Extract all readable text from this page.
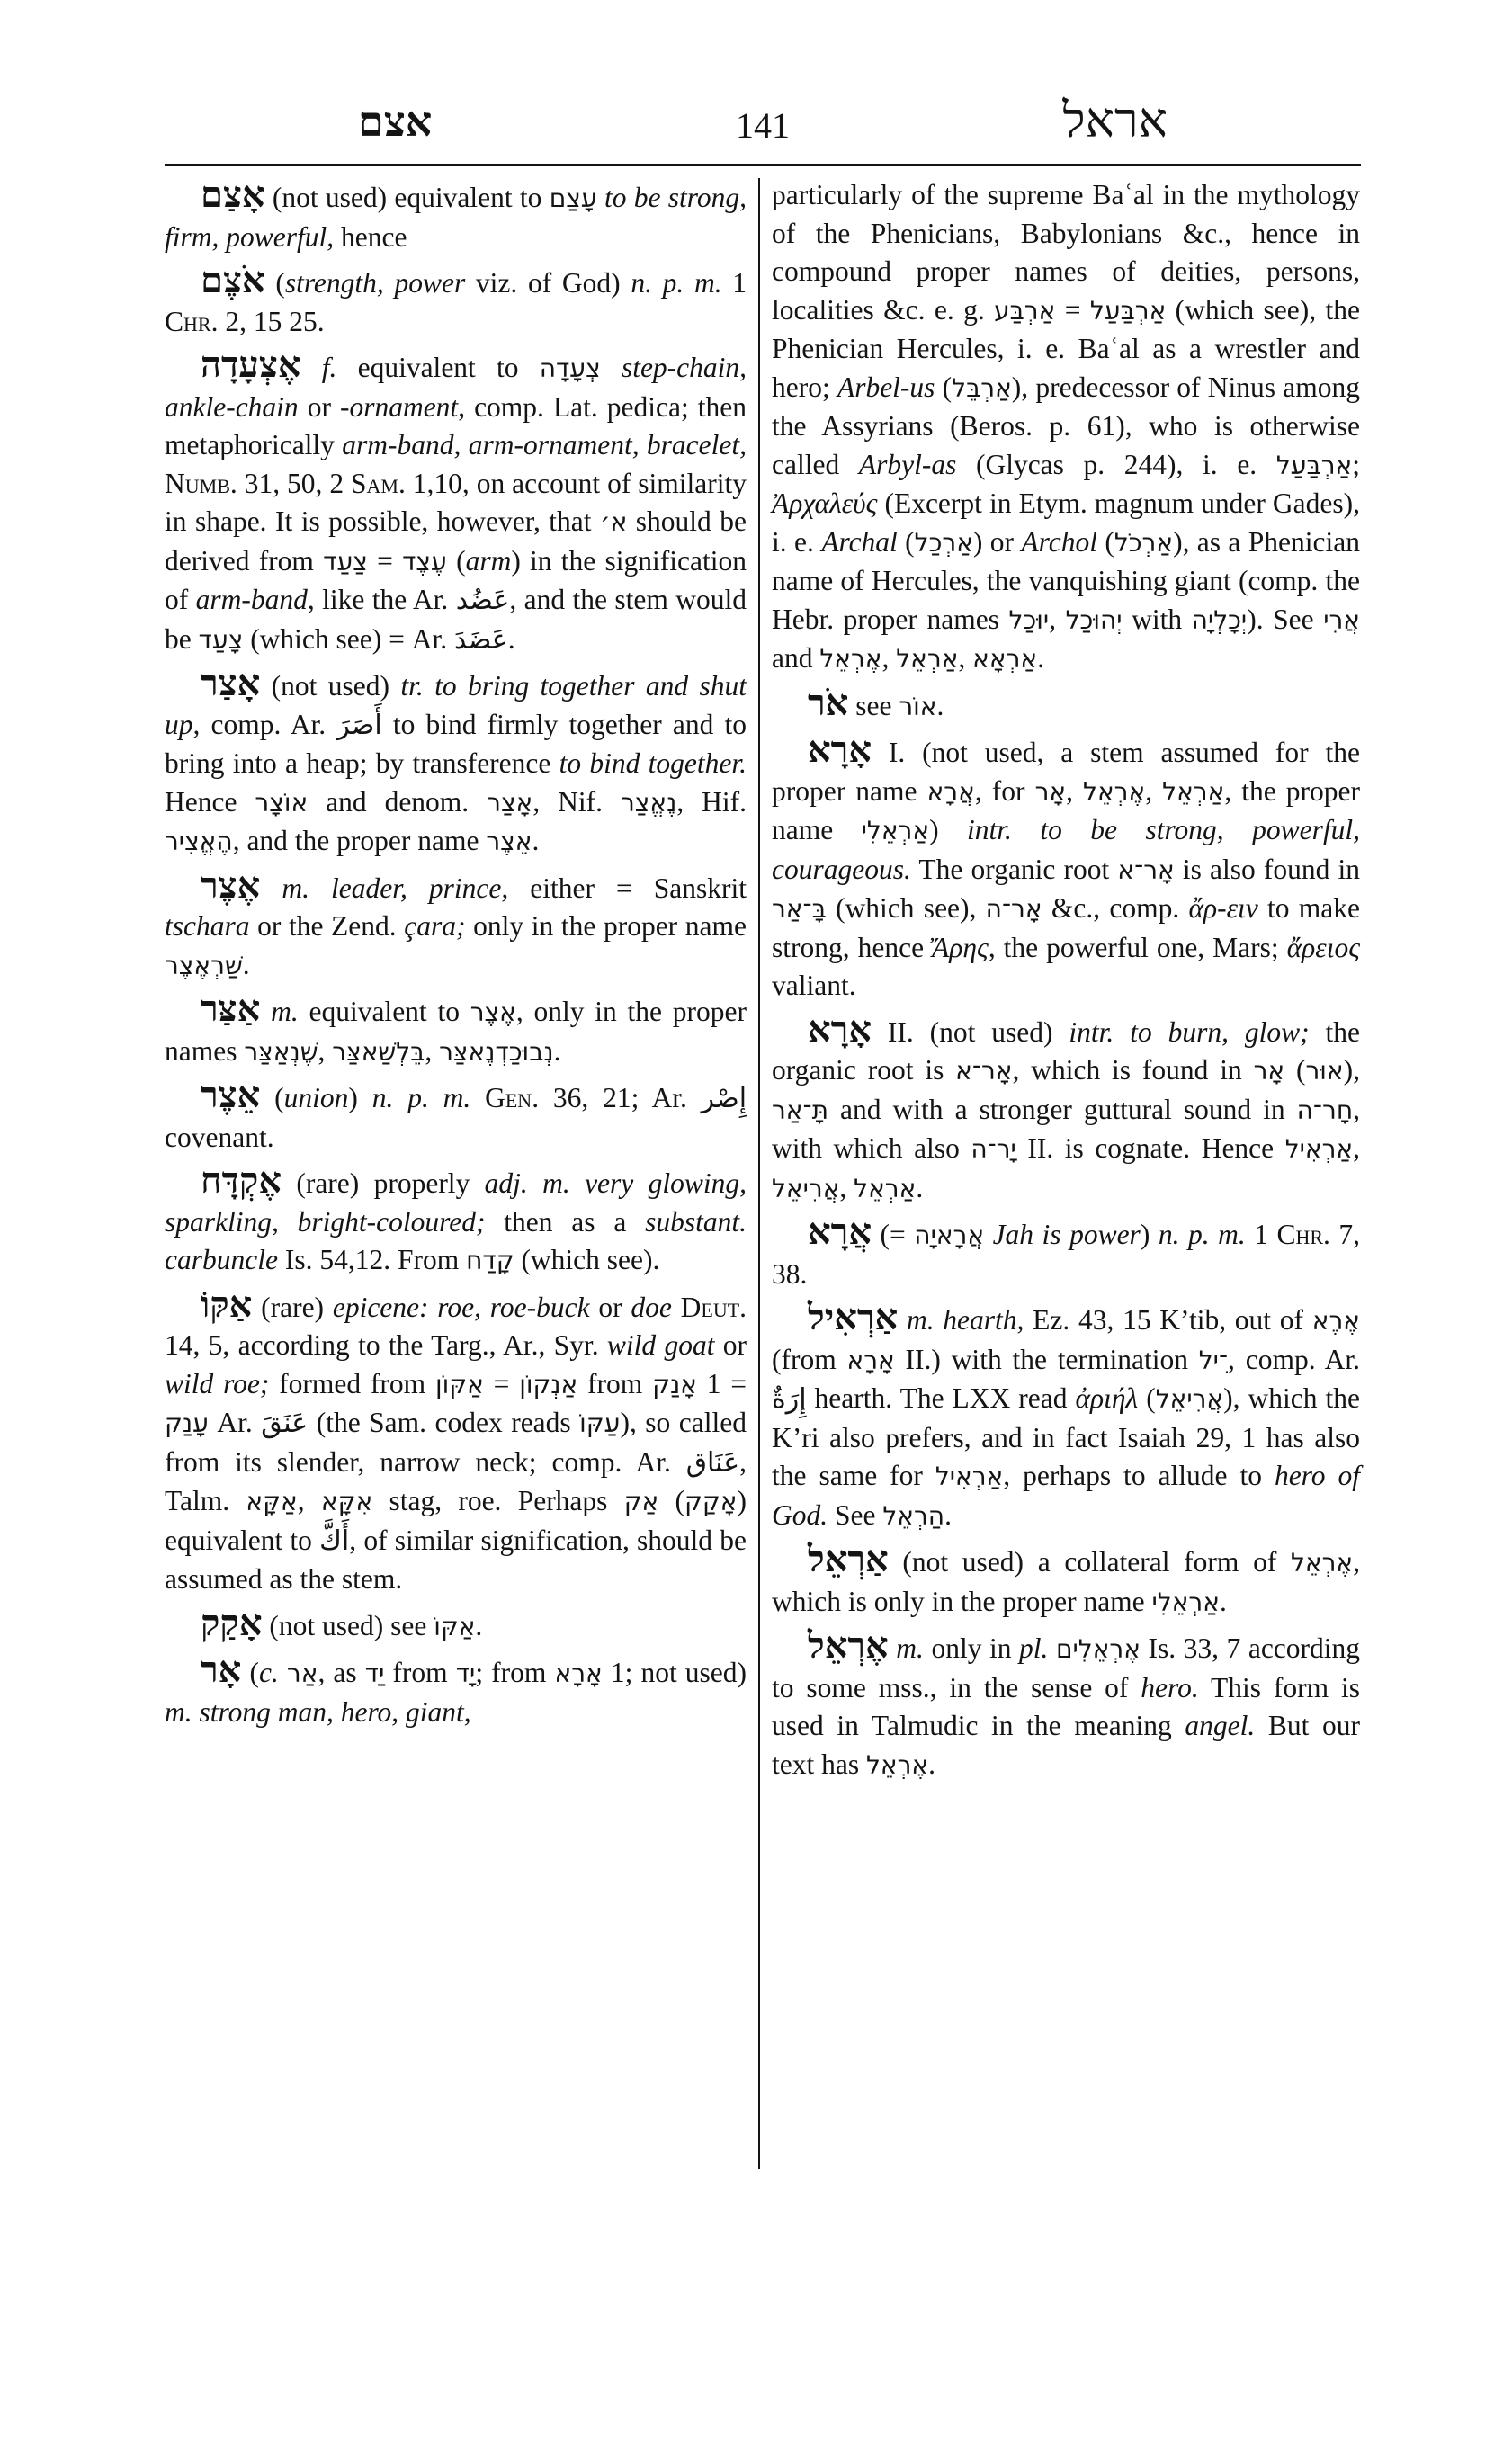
אצם	141	אראל

אָצַם (not used) equivalent to עָצַם to be strong, firm, powerful, hence

אֹצֶם (strength, power viz. of God) n. p. m. 1 Chr. 2, 15 25.

אֶצְעָדָה f. equivalent to צְעָדָה step-chain, ankle-chain or -ornament, comp. Lat. pedica; then metaphorically arm-band, arm-ornament, bracelet, Numb. 31, 50, 2 Sam. 1,10, on account of similarity in shape. It is possible, however, that א׳ should be derived from צַעַד = עֶצֶד (arm) in the signification of arm-band, like the Ar. عَضُد, and the stem would be צָעַד (which see) = Ar. عَضَدَ.

אָצַר (not used) tr. to bring together and shut up, comp. Ar. أَصَرَ to bind firmly together and to bring into a heap; by transference to bind together. Hence אוֹצָר and denom. אָצַר, Nif. נֶאֱצַר, Hif. הֶאֱצִיר, and the proper name אֵצֶר.

אֶצֶר m. leader, prince, either = Sanskrit tschara or the Zend. çara; only in the proper name שַׁרְאֶצֶר.

אַצַּר m. equivalent to אֶצֶר, only in the proper names שֶׁנְאַצַּר, בֵּלְשַׁאצַּר, נְבוּכַדְנֶאצַּר.

אֵצֶר (union) n. p. m. Gen. 36, 21; Ar. إِصْر covenant.

אֶקְדָּח (rare) properly adj. m. very glowing, sparkling, bright-coloured; then as a substant. carbuncle Is. 54,12. From קָדַח (which see).

אַקּוֹ (rare) epicene: roe, roe-buck or doe Deut. 14, 5, according to the Targ., Ar., Syr. wild goat or wild roe; formed from אַקּוֹן = אַנְקוֹן from אָנַק 1 = עָנַק Ar. عَنَقَ (the Sam. codex reads עַקּוֹ), so called from its slender, narrow neck; comp. Ar. عَنَاق, Talm. אַקָּא, אִקָּא stag, roe. Perhaps אַק (אָקַק) equivalent to أَكَّ, of similar signification, should be assumed as the stem.

אָקַק (not used) see אַקּוֹ.

אָר (c. אַר, as יַד from יָד; from אָרָא 1; not used) m. strong man, hero, giant,

particularly of the supreme Baʿal in the mythology of the Phenicians, Babylonians &c., hence in compound proper names of deities, persons, localities &c. e. g. אַרְבַּע = אַרְבַּעַל (which see), the Phenician Hercules, i. e. Baʿal as a wrestler and hero; Arbel-us (אַרְבֵּל), predecessor of Ninus among the Assyrians (Beros. p. 61), who is otherwise called Arbyl-as (Glycas p. 244), i. e. אַרְבַּעַל; Ἀρχαλεύς (Excerpt in Etym. magnum under Gades), i. e. Archal (אַרְכַל) or Archol (אַרְכֹל), as a Phenician name of Hercules, the vanquishing giant (comp. the Hebr. proper names יוּכַל, יְהוּכַל with יְכָלְיָה). See אֲרִי and אֶרְאֵל, אַרְאֵל, אַרְאָא.

אֹר see אוֹר.

אָרָא I. (not used, a stem assumed for the proper name אֲרָא, for אָר, אֶרְאֵל, אַרְאֵל, the proper name אַרְאֵלִי) intr. to be strong, powerful, courageous. The organic root אָר־א is also found in בָּ־אַר (which see), אָר־ה &c., comp. ἄρ-ειν to make strong, hence Ἄρης, the powerful one, Mars; ἄρειος valiant.

אָרָא II. (not used) intr. to burn, glow; the organic root is אָר־א, which is found in אָר (אוּר), תָּ־אַר and with a stronger guttural sound in חָר־ה, with which also יָר־ה II. is cognate. Hence אַרְאִיל, אֲרִיאֵל, אַרְאֵל.

אֲרָא (= אֲרָאיָה Jah is power) n. p. m. 1 Chr. 7, 38.

אַרְאִיל m. hearth, Ez. 43, 15 K’tib, out of אֶרֶא (from אָרָא II.) with the termination ־ִיל, comp. Ar. إِرَةٌ hearth. The LXX read ἀριήλ (אֲרִיאֵל), which the K’ri also prefers, and in fact Isaiah 29, 1 has also the same for אַרְאִיל, perhaps to allude to hero of God. See הַרְאֵל.

אַרְאֵל (not used) a collateral form of אֶרְאֵל, which is only in the proper name אַרְאֵלִי.

אֶרְאֵל m. only in pl. אֶרְאֵלִים Is. 33, 7 according to some mss., in the sense of hero. This form is used in Talmudic in the meaning angel. But our text has אֶרְאֵל.
